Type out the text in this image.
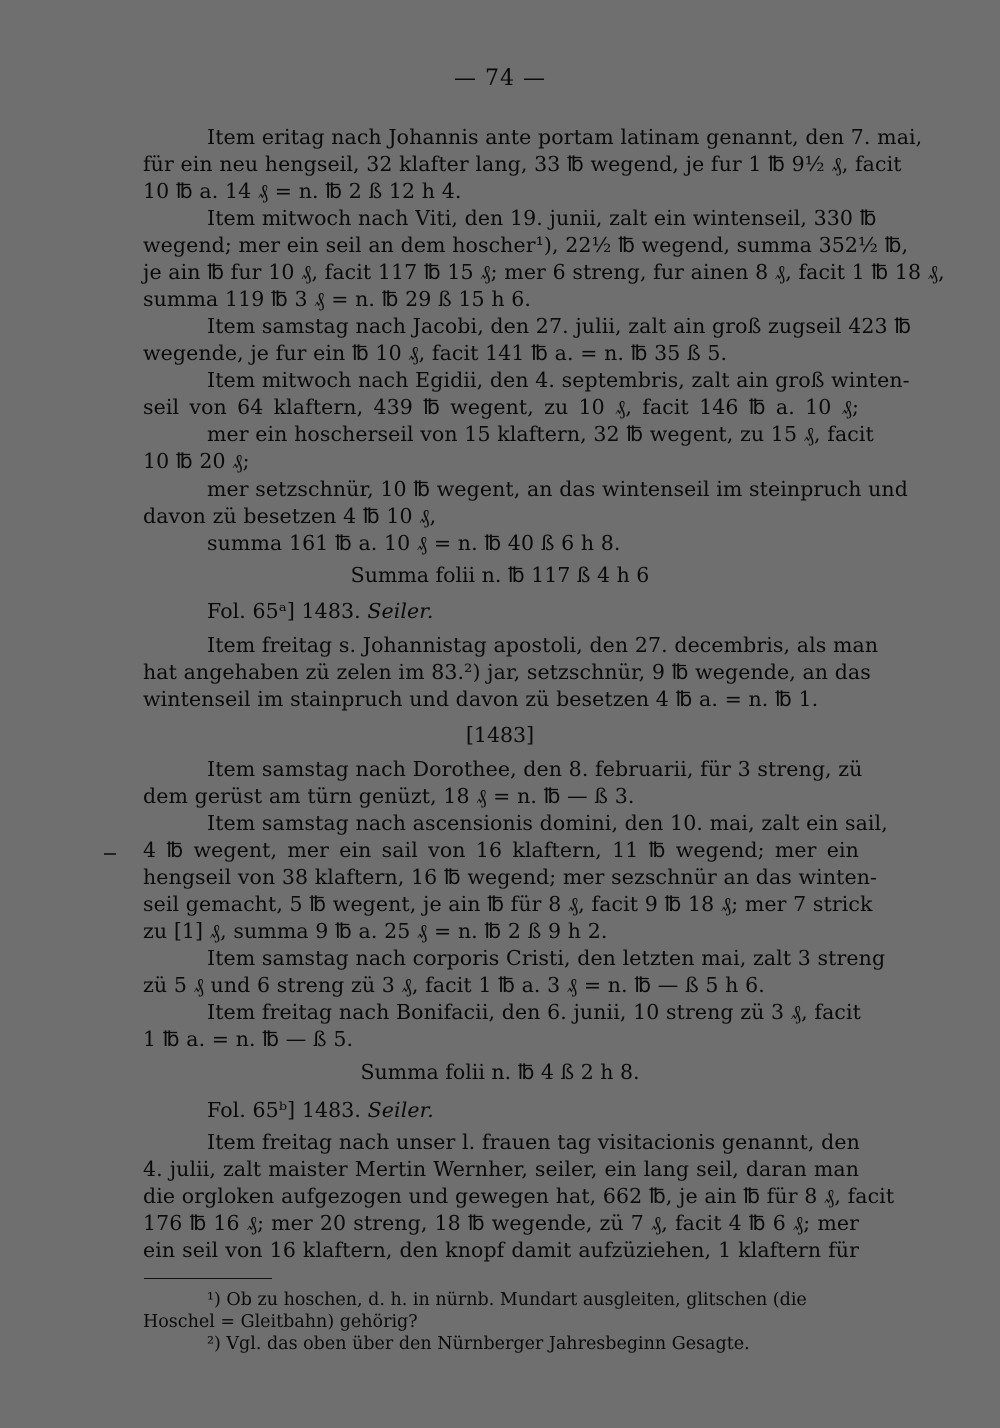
— 74 —
Item eritag nach Johannis ante portam latinam genannt, den 7. mai,
für ein neu hengseil, 32 klafter lang, 33 ℔ wegend, je fur 1 ℔ 9½ ₰, facit
10 ℔ a. 14 ₰ = n. ℔ 2 ß 12 h 4.
Item mitwoch nach Viti, den 19. junii, zalt ein wintenseil, 330 ℔
wegend; mer ein seil an dem hoscher¹), 22½ ℔ wegend, summa 352½ ℔,
je ain ℔ fur 10 ₰, facit 117 ℔ 15 ₰; mer 6 streng, fur ainen 8 ₰, facit 1 ℔ 18 ₰,
summa 119 ℔ 3 ₰ = n. ℔ 29 ß 15 h 6.
Item samstag nach Jacobi, den 27. julii, zalt ain groß zugseil 423 ℔
wegende, je fur ein ℔ 10 ₰, facit 141 ℔ a. = n. ℔ 35 ß 5.
Item mitwoch nach Egidii, den 4. septembris, zalt ain groß winten-
seil von 64 klaftern, 439 ℔ wegent, zu 10 ₰, facit 146 ℔ a. 10 ₰;
mer ein hoscherseil von 15 klaftern, 32 ℔ wegent, zu 15 ₰, facit
10 ℔ 20 ₰;
mer setzschnür, 10 ℔ wegent, an das wintenseil im steinpruch und
davon zü besetzen 4 ℔ 10 ₰,
summa 161 ℔ a. 10 ₰ = n. ℔ 40 ß 6 h 8.
Summa folii n. ℔ 117 ß 4 h 6
Fol. 65ᵃ] 1483. Seiler.
Item freitag s. Johannistag apostoli, den 27. decembris, als man
hat angehaben zü zelen im 83.²) jar, setzschnür, 9 ℔ wegende, an das
wintenseil im stainpruch und davon zü besetzen 4 ℔ a. = n. ℔ 1.
[1483]
Item samstag nach Dorothee, den 8. februarii, für 3 streng, zü
dem gerüst am türn genüzt, 18 ₰ = n. ℔ — ß 3.
Item samstag nach ascensionis domini, den 10. mai, zalt ein sail,
4 ℔ wegent, mer ein sail von 16 klaftern, 11 ℔ wegend; mer ein
hengseil von 38 klaftern, 16 ℔ wegend; mer sezschnür an das winten-
seil gemacht, 5 ℔ wegent, je ain ℔ für 8 ₰, facit 9 ℔ 18 ₰; mer 7 strick
zu [1] ₰, summa 9 ℔ a. 25 ₰ = n. ℔ 2 ß 9 h 2.
Item samstag nach corporis Cristi, den letzten mai, zalt 3 streng
zü 5 ₰ und 6 streng zü 3 ₰, facit 1 ℔ a. 3 ₰ = n. ℔ — ß 5 h 6.
Item freitag nach Bonifacii, den 6. junii, 10 streng zü 3 ₰, facit
1 ℔ a. = n. ℔ — ß 5.
Summa folii n. ℔ 4 ß 2 h 8.
Fol. 65ᵇ] 1483. Seiler.
Item freitag nach unser l. frauen tag visitacionis genannt, den
4. julii, zalt maister Mertin Wernher, seiler, ein lang seil, daran man
die orgloken aufgezogen und gewegen hat, 662 ℔, je ain ℔ für 8 ₰, facit
176 ℔ 16 ₰; mer 20 streng, 18 ℔ wegende, zü 7 ₰, facit 4 ℔ 6 ₰; mer
ein seil von 16 klaftern, den knopf damit aufzüziehen, 1 klaftern für
¹) Ob zu hoschen, d. h. in nürnb. Mundart ausgleiten, glitschen (die
Hoschel = Gleitbahn) gehörig?
²) Vgl. das oben über den Nürnberger Jahresbeginn Gesagte.
